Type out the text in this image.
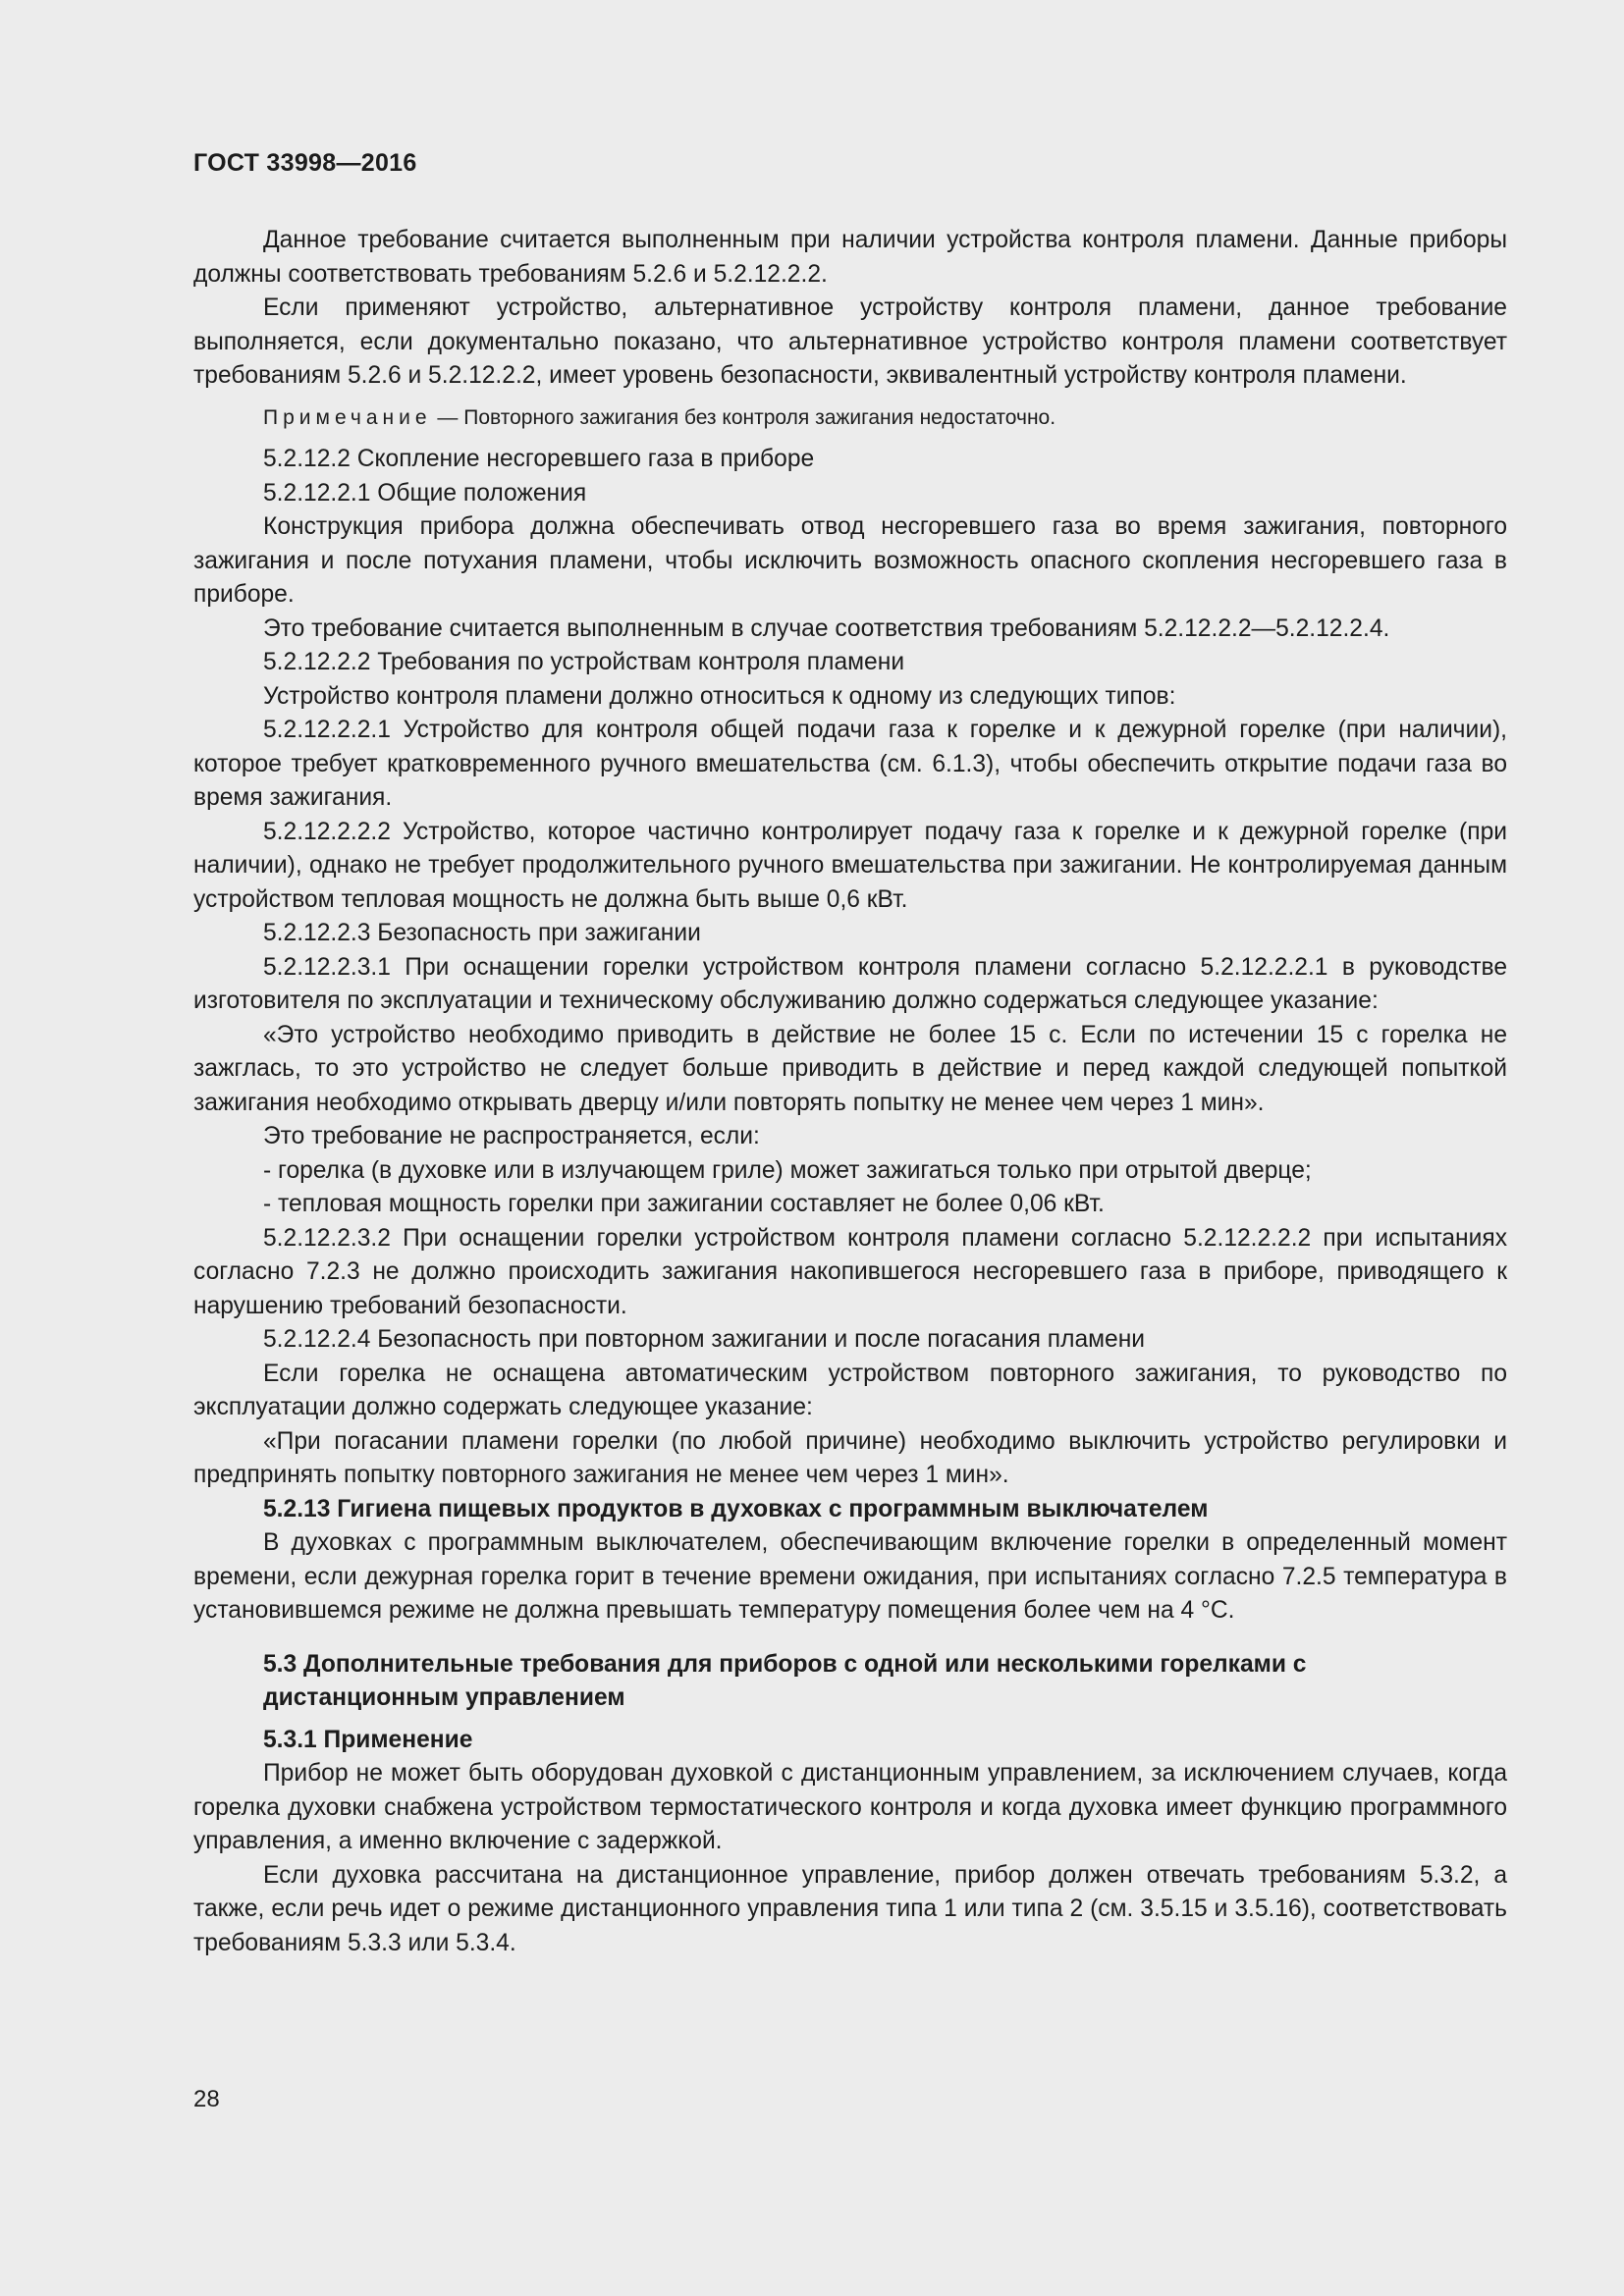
ГОСТ 33998—2016

Данное требование считается выполненным при наличии устройства контроля пламени. Данные приборы должны соответствовать требованиям 5.2.6 и 5.2.12.2.2.

Если применяют устройство, альтернативное устройству контроля пламени, данное требование выполняется, если документально показано, что альтернативное устройство контроля пламени соответствует требованиям 5.2.6 и 5.2.12.2.2, имеет уровень безопасности, эквивалентный устройству контроля пламени.

Примечание — Повторного зажигания без контроля зажигания недостаточно.

5.2.12.2 Скопление несгоревшего газа в приборе

5.2.12.2.1 Общие положения

Конструкция прибора должна обеспечивать отвод несгоревшего газа во время зажигания, повторного зажигания и после потухания пламени, чтобы исключить возможность опасного скопления несгоревшего газа в приборе.

Это требование считается выполненным в случае соответствия требованиям 5.2.12.2.2—5.2.12.2.4.

5.2.12.2.2 Требования по устройствам контроля пламени

Устройство контроля пламени должно относиться к одному из следующих типов:

5.2.12.2.2.1 Устройство для контроля общей подачи газа к горелке и к дежурной горелке (при наличии), которое требует кратковременного ручного вмешательства (см. 6.1.3), чтобы обеспечить открытие подачи газа во время зажигания.

5.2.12.2.2.2 Устройство, которое частично контролирует подачу газа к горелке и к дежурной горелке (при наличии), однако не требует продолжительного ручного вмешательства при зажигании. Не контролируемая данным устройством тепловая мощность не должна быть выше 0,6 кВт.

5.2.12.2.3 Безопасность при зажигании

5.2.12.2.3.1 При оснащении горелки устройством контроля пламени согласно 5.2.12.2.2.1 в руководстве изготовителя по эксплуатации и техническому обслуживанию должно содержаться следующее указание:

«Это устройство необходимо приводить в действие не более 15 с. Если по истечении 15 с горелка не зажглась, то это устройство не следует больше приводить в действие и перед каждой следующей попыткой зажигания необходимо открывать дверцу и/или повторять попытку не менее чем через 1 мин».

Это требование не распространяется, если:

- горелка (в духовке или в излучающем гриле) может зажигаться только при отрытой дверце;

- тепловая мощность горелки при зажигании составляет не более 0,06 кВт.

5.2.12.2.3.2 При оснащении горелки устройством контроля пламени согласно 5.2.12.2.2.2 при испытаниях согласно 7.2.3 не должно происходить зажигания накопившегося несгоревшего газа в приборе, приводящего к нарушению требований безопасности.

5.2.12.2.4 Безопасность при повторном зажигании и после погасания пламени

Если горелка не оснащена автоматическим устройством повторного зажигания, то руководство по эксплуатации должно содержать следующее указание:

«При погасании пламени горелки (по любой причине) необходимо выключить устройство регулировки и предпринять попытку повторного зажигания не менее чем через 1 мин».

5.2.13 Гигиена пищевых продуктов в духовках с программным выключателем

В духовках с программным выключателем, обеспечивающим включение горелки в определенный момент времени, если дежурная горелка горит в течение времени ожидания, при испытаниях согласно 7.2.5 температура в установившемся режиме не должна превышать температуру помещения более чем на 4 °С.

5.3 Дополнительные требования для приборов с одной или несколькими горелками с дистанционным управлением

5.3.1 Применение

Прибор не может быть оборудован духовкой с дистанционным управлением, за исключением случаев, когда горелка духовки снабжена устройством термостатического контроля и когда духовка имеет функцию программного управления, а именно включение с задержкой.

Если духовка рассчитана на дистанционное управление, прибор должен отвечать требованиям 5.3.2, а также, если речь идет о режиме дистанционного управления типа 1 или типа 2 (см. 3.5.15 и 3.5.16), соответствовать требованиям 5.3.3 или 5.3.4.

28
